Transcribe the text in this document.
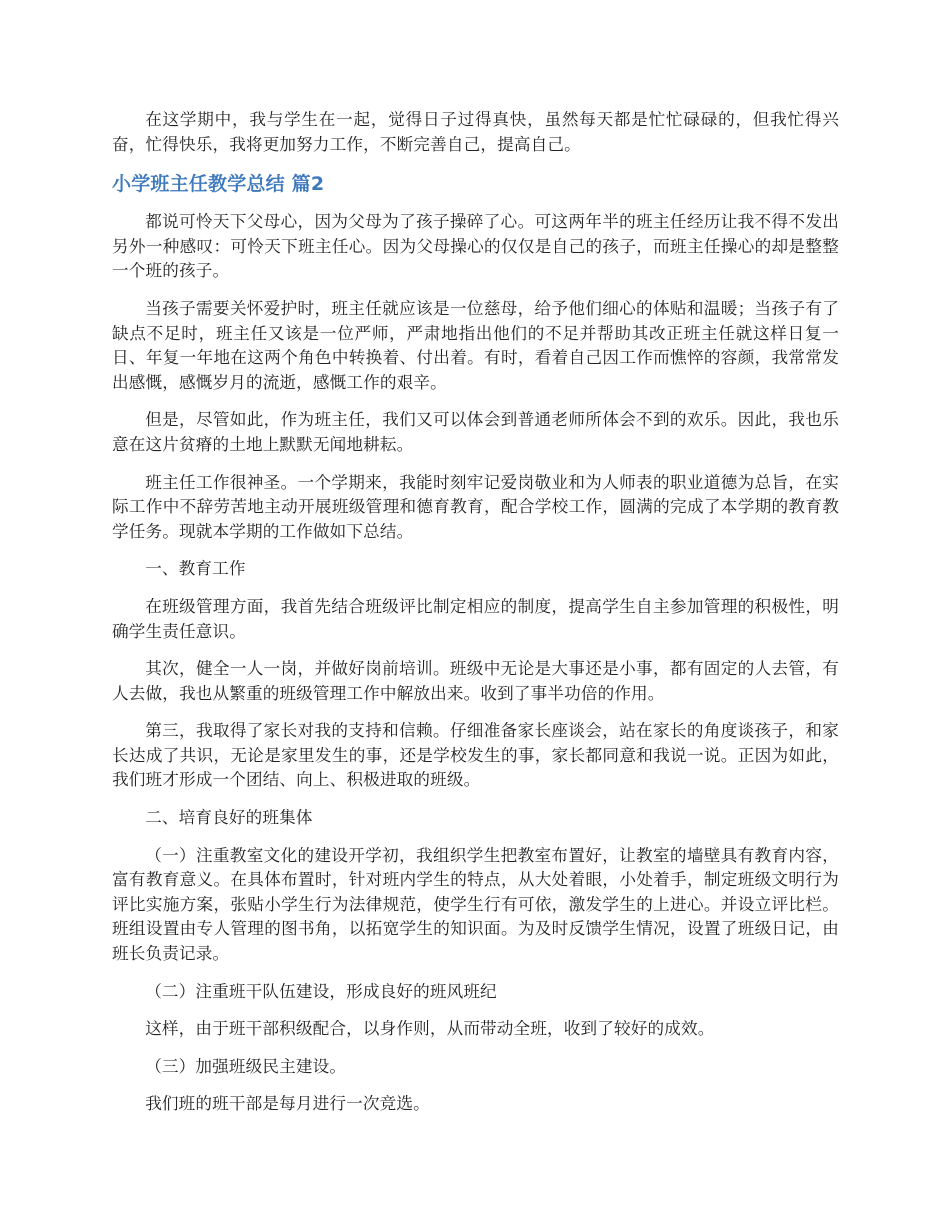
在这学期中，我与学生在一起，觉得日子过得真快，虽然每天都是忙忙碌碌的，但我忙得兴奋，忙得快乐，我将更加努力工作，不断完善自己，提高自己。

小学班主任教学总结 篇2

都说可怜天下父母心，因为父母为了孩子操碎了心。可这两年半的班主任经历让我不得不发出另外一种感叹：可怜天下班主任心。因为父母操心的仅仅是自己的孩子，而班主任操心的却是整整一个班的孩子。

当孩子需要关怀爱护时，班主任就应该是一位慈母，给予他们细心的体贴和温暖；当孩子有了缺点不足时，班主任又该是一位严师，严肃地指出他们的不足并帮助其改正班主任就这样日复一日、年复一年地在这两个角色中转换着、付出着。有时，看着自己因工作而憔悴的容颜，我常常发出感慨，感慨岁月的流逝，感慨工作的艰辛。

但是，尽管如此，作为班主任，我们又可以体会到普通老师所体会不到的欢乐。因此，我也乐意在这片贫瘠的土地上默默无闻地耕耘。

班主任工作很神圣。一个学期来，我能时刻牢记爱岗敬业和为人师表的职业道德为总旨，在实际工作中不辞劳苦地主动开展班级管理和德育教育，配合学校工作，圆满的完成了本学期的教育教学任务。现就本学期的工作做如下总结。

一、教育工作

在班级管理方面，我首先结合班级评比制定相应的制度，提高学生自主参加管理的积极性，明确学生责任意识。

其次，健全一人一岗，并做好岗前培训。班级中无论是大事还是小事，都有固定的人去管，有人去做，我也从繁重的班级管理工作中解放出来。收到了事半功倍的作用。

第三，我取得了家长对我的支持和信赖。仔细准备家长座谈会，站在家长的角度谈孩子，和家长达成了共识，无论是家里发生的事，还是学校发生的事，家长都同意和我说一说。正因为如此，我们班才形成一个团结、向上、积极进取的班级。

二、培育良好的班集体

（一）注重教室文化的建设开学初，我组织学生把教室布置好，让教室的墙壁具有教育内容，富有教育意义。在具体布置时，针对班内学生的特点，从大处着眼，小处着手，制定班级文明行为评比实施方案，张贴小学生行为法律规范，使学生行有可依，激发学生的上进心。并设立评比栏。班组设置由专人管理的图书角，以拓宽学生的知识面。为及时反馈学生情况，设置了班级日记，由班长负责记录。

（二）注重班干队伍建设，形成良好的班风班纪

这样，由于班干部积级配合，以身作则，从而带动全班，收到了较好的成效。

（三）加强班级民主建设。

我们班的班干部是每月进行一次竞选。
